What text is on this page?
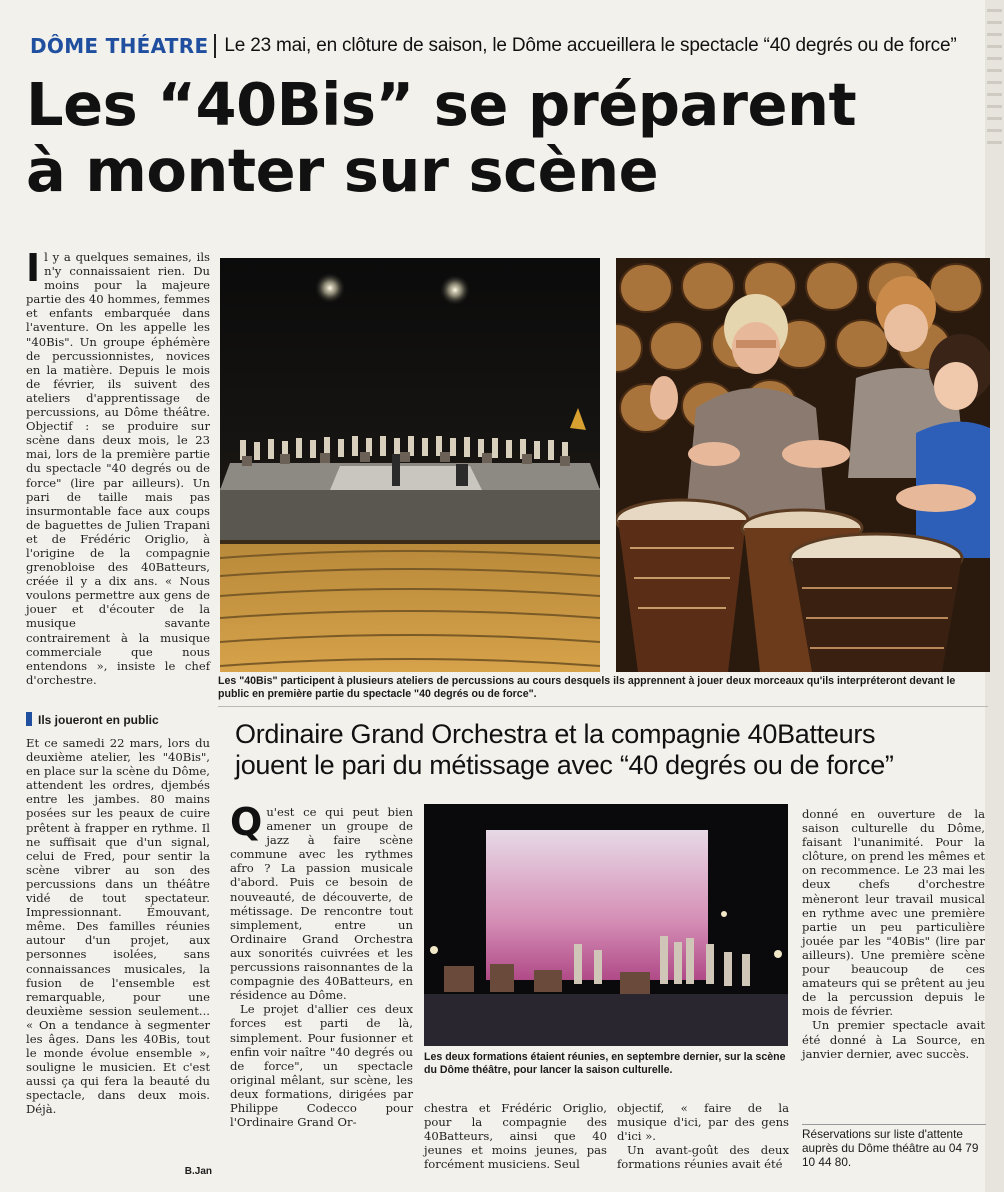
DÔME THÉATRE Le 23 mai, en clôture de saison, le Dôme accueillera le spectacle “40 degrés ou de force”
Les “40Bis” se préparent
à monter sur scène

Il y a quelques semaines, ils n'y connaissaient rien. Du moins pour la majeure partie des 40 hommes, femmes et enfants embarquée dans l'aventure. On les appelle les "40Bis". Un groupe éphémère de percussionnistes, novices en la matière. Depuis le mois de février, ils suivent des ateliers d'apprentissage de percussions, au Dôme théâtre. Objectif : se produire sur scène dans deux mois, le 23 mai, lors de la première partie du spectacle "40 degrés ou de force" (lire par ailleurs). Un pari de taille mais pas insurmontable face aux coups de baguettes de Julien Trapani et de Frédéric Origlio, à l'origine de la compagnie grenobloise des 40Batteurs, créée il y a dix ans. « Nous voulons permettre aux gens de jouer et d'écouter de la musique savante contrairement à la musique commerciale que nous entendons », insiste le chef d'orchestre.

Ils joueront en public

Et ce samedi 22 mars, lors du deuxième atelier, les "40Bis", en place sur la scène du Dôme, attendent les ordres, djembés entre les jambes. 80 mains posées sur les peaux de cuire prêtent à frapper en rythme. Il ne suffisait que d'un signal, celui de Fred, pour sentir la scène vibrer au son des percussions dans un théâtre vidé de tout spectateur. Impressionnant. Émouvant, même. Des familles réunies autour d'un projet, aux personnes isolées, sans connaissances musicales, la fusion de l'ensemble est remarquable, pour une deuxième session seulement... « On a tendance à segmenter les âges. Dans les 40Bis, tout le monde évolue ensemble », souligne le musicien. Et c'est aussi ça qui fera la beauté du spectacle, dans deux mois. Déjà.

B.Jan
Les "40Bis" participent à plusieurs ateliers de percussions au cours desquels ils apprennent à jouer deux morceaux qu'ils interpréteront devant le public en première partie du spectacle "40 degrés ou de force".
Ordinaire Grand Orchestra et la compagnie 40Batteurs
jouent le pari du métissage avec “40 degrés ou de force”

Qu'est ce qui peut bien amener un groupe de jazz à faire scène commune avec les rythmes afro ? La passion musicale d'abord. Puis ce besoin de nouveauté, de découverte, de métissage. De rencontre tout simplement, entre un Ordinaire Grand Orchestra aux sonorités cuivrées et les percussions raisonnantes de la compagnie des 40Batteurs, en résidence au Dôme.

Le projet d'allier ces deux forces est parti de là, simplement. Pour fusionner et enfin voir naître "40 degrés ou de force", un spectacle original mêlant, sur scène, les deux formations, dirigées par Philippe Codecco pour l'Ordinaire Grand Or-

Les deux formations étaient réunies, en septembre dernier, sur la scène du Dôme théâtre, pour lancer la saison culturelle.

chestra et Frédéric Origlio, pour la compagnie des 40Batteurs, ainsi que 40 jeunes et moins jeunes, pas forcément musiciens. Seul

objectif, « faire de la musique d'ici, par des gens d'ici ».

Un avant-goût des deux formations réunies avait été

donné en ouverture de la saison culturelle du Dôme, faisant l'unanimité. Pour la clôture, on prend les mêmes et on recommence. Le 23 mai les deux chefs d'orchestre mèneront leur travail musical en rythme avec une première partie un peu particulière jouée par les "40Bis" (lire par ailleurs). Une première scène pour beaucoup de ces amateurs qui se prêtent au jeu de la percussion depuis le mois de février.

Un premier spectacle avait été donné à La Source, en janvier dernier, avec succès.

Réservations sur liste d'attente auprès du Dôme théâtre au 04 79 10 44 80.
